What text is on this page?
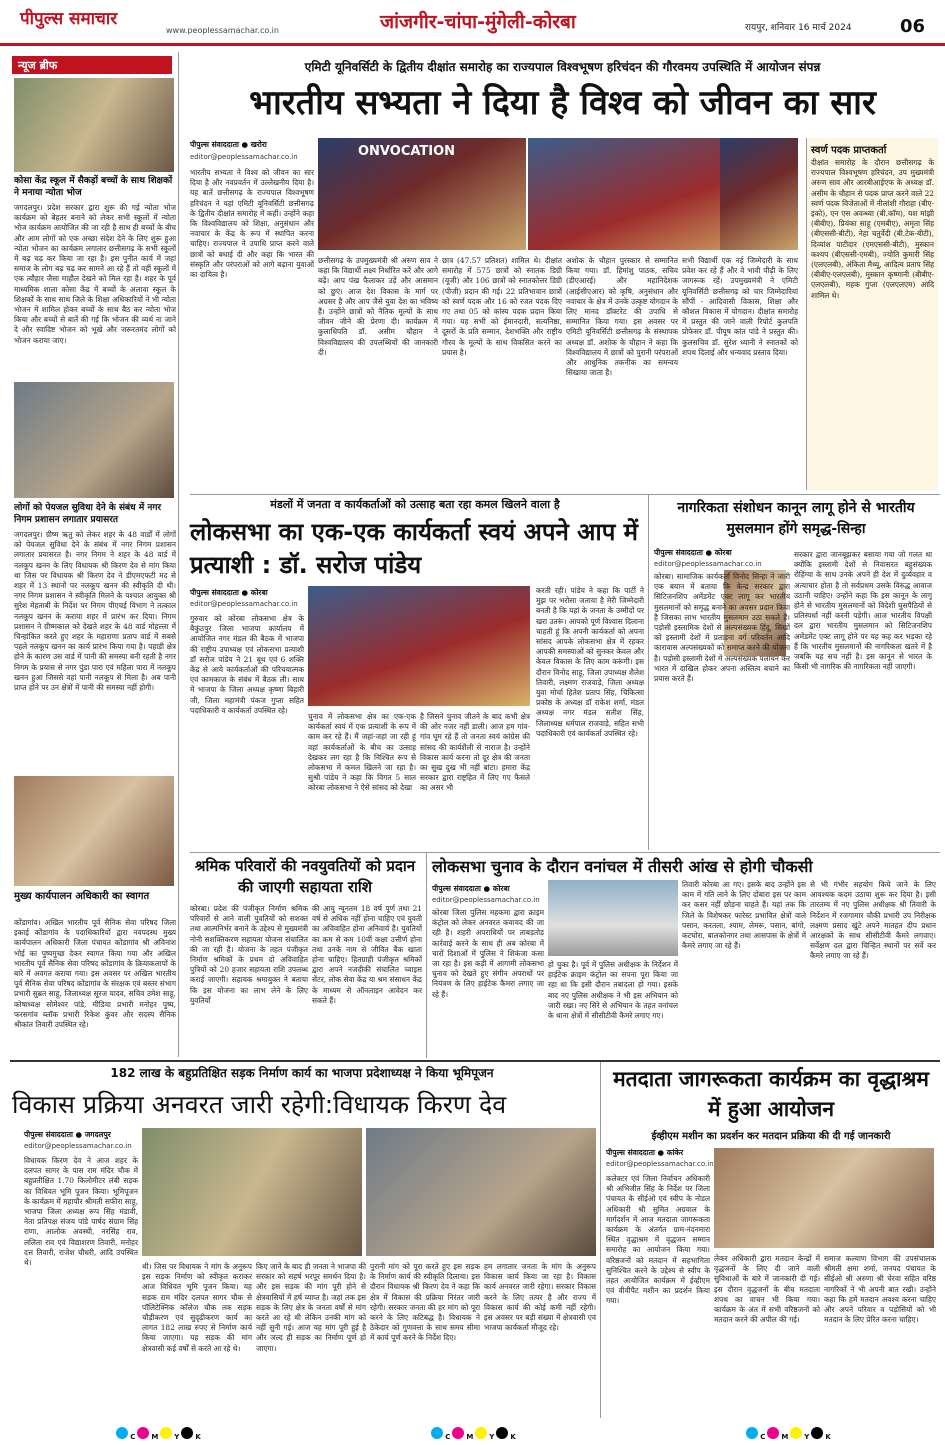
पीपुल्स समाचार
www.peoplessamachar.co.in	जांजगीर-चांपा-मुंगेली-कोरबा	रायपुर, शनिवार 16 मार्च 2024	06
न्यूज ब्रीफ
कोसा केंद्र स्कूल में सैकड़ों बच्चों के साथ शिक्षकों ने मनाया न्योता भोज
जगदलपुर। प्रदेश सरकार द्वारा शुरू की गई न्योता भोज कार्यक्रम को बेहतर बनाने को लेकर सभी स्कूलों में न्योता भोज कार्यक्रम आयोजित की जा रही है साथ ही बच्चों के बीच और आम लोगों को एक अच्छा संदेश देने के लिए शुरू हुआ न्योता भोजन का कार्यक्रम लगातार छत्तीसगढ़ के सभी स्कूलों में बढ़ चढ़ कर किया जा रहा है। इस पुनीत कार्य में जहां समाज के लोग बढ़ चढ़ कर सामने आ रहे हैं तो वहीं स्कूलों में एक त्यौहार जैसा माहौल देखने को मिल रहा है। शहर के पूर्व माध्यमिक शाला कोसा केंद्र में बच्चों के अलावा स्कूल के शिक्षकों के साथ साथ जिले के शिक्षा अधिकारियों ने भी न्योता भोजन में शामिल होकर बच्चों के साथ बैठ कर न्योता भोज किया और बच्चों से बातें की गई कि भोजन की व्यर्थ ना जाने दे और स्वादिष्ट भोजन को भूखे और जरूरतमंद लोगों को भोजन कराया जाए।
लोगों को पेयजल सुविधा देने के संबंध में नगर निगम प्रशासन लगातार प्रयासरत
जगदलपुर। ग्रीष्म ऋतु को लेकर शहर के 48 वार्डों में लोगों को पेयजल सुविधा देने के संबंध में नगर निगम प्रशासन लगातार प्रयासरत है। नगर निगम ने शहर के 48 वार्ड में नलकूप खनन के लिए विधायक श्री किरण देव से मांग किया था जिस पर विधायक श्री किरण देव ने डीएमएफटी मद से शहर में 13 स्थानों पर नलकूप खनन की स्वीकृति दी थी। नगर निगम प्रशासन ने स्वीकृति मिलने के पश्चात आयुक्त श्री सुरेश मेहताबी के निर्देश पर निगम पीएचई विभाग ने तत्काल नलकूप खनन के कराया शहर में प्रारंभ कर दिया। निगम प्रशासन ने ग्रीष्मकाल को देखते शहर के 48 वार्ड मोहल्ला में चिन्हांकित करते हुए शहर के महाराणा प्रताप वार्ड में सबसे पहले नलकूप खनन का कार्य प्रारंभ किया गया है। पहाड़ी क्षेत्र होने के कारण उस वार्ड में पानी की समस्या बनी रहती है नगर निगम के प्रयास से नगर पुंडा पारा एवं महिला पारा में नलकूप खनन हुआ जिससे वहां पानी नलकूप से मिला है। अब पानी प्राप्त होने पर उन क्षेत्रों में पानी की समस्या नहीं होगी।
मुख्य कार्यपालन अधिकारी का स्वागत
कोंडागांव। अखिल भारतीय पूर्व सैनिक सेवा परिषद जिला इकाई कोंडागांव के पदाधिकारियों द्वारा नवपदस्थ मुख्य कार्यपालन अधिकारी जिला पंचायत कोंडागांव श्री अविनाश भोई का पुष्पगुच्छ देकर स्वागत किया गया और अखिल भारतीय पूर्व सैनिक सेवा परिषद कोंडागांव के क्रियाकलापों के बारे में अवगत कराया गया। इस अवसर पर अखिल भारतीय पूर्व सैनिक सेवा परिषद कोंडागांव के संरक्षक एवं बस्तर संभाग प्रभारी सुब्रत साहू, जिलाध्यक्ष सूरज यादव, सचिव उमेश साहू, कोषाध्यक्ष सोमेश्वर पांडे, मीडिया प्रभारी मनोहर पुष्प, फरसगांव ब्लॉक प्रभारी रिकेश कुंवर और सदस्य सैनिक श्रीकांत तिवारी उपस्थित रहे।
एमिटी यूनिवर्सिटी के द्वितीय दीक्षांत समारोह का राज्यपाल विश्वभूषण हरिचंदन की गौरवमय उपस्थिति में आयोजन संपन्न
भारतीय सभ्यता ने दिया है विश्व को जीवन का सार
पीपुल्स संवाददाता ● खरोरा
editor@peoplessamachar.co.in	ONVOCATION
भारतीय सभ्यता ने विश्व को जीवन का सार दिया है और नवप्रवर्तन में उल्लेखनीय दिया है। यह बातें छत्तीसगढ़ के राज्यपाल विश्वभूषण हरिचंदन ने यहां एमिटी यूनिवर्सिटी छत्तीसगढ़ के द्वितीय दीक्षांत समारोह में कहीं। उन्होंने कहा कि विश्वविद्यालय को शिक्षा, अनुसंधान और नवाचार के केंद्र के रूप में स्थापित करना चाहिए। राज्यपाल ने उपाधि प्राप्त करने वाले छात्रों को बधाई दी और कहा कि भारत की संस्कृति और परंपराओं को आगे बढ़ाना युवाओं का दायित्व है।
छत्तीसगढ़ के उपमुख्यमंत्री श्री अरुण साव ने कहा कि विद्यार्थी लक्ष्य निर्धारित करें और आगे बढ़ें। आप पंख फैलाकर उड़ें और आसमान को छुएं। आज देश विकास के मार्ग पर अग्रसर है और आप जैसे युवा देश का भविष्य हैं। उन्होंने छात्रों को नैतिक मूल्यों के साथ जीवन जीने की प्रेरणा दी। कार्यक्रम में कुलाधिपति डॉ. असीम चौहान ने विश्वविद्यालय की उपलब्धियों की जानकारी दी।
छात्र (47.57 प्रतिशत) शामिल थे। दीक्षांत समारोह में 575 छात्रों को स्नातक डिग्री (यूजी) और 106 छात्रों को स्नातकोत्तर डिग्री (पीजी) प्रदान की गई। 22 प्रतिभावान छात्रों को स्वर्ण पदक और 16 को रजत पदक दिए गए तथा 05 को कांस्य पदक प्रदान किया गया। यह सभी को ईमानदारी, सत्यनिष्ठा, दूसरों के प्रति सम्मान, देशभक्ति और राष्ट्रीय गौरव के मूल्यों के साथ विकसित करने का प्रयास है।
अशोक के चौहान पुरस्कार से सम्मानित किया गया। डॉ. हिमांशु पाठक, सचिव (डीएआरई) और महानिदेशक (आईसीएआर) को कृषि, अनुसंधान और नवाचार के क्षेत्र में उनके उत्कृष्ट योगदान के लिए मानद डॉक्टरेट की उपाधि से सम्मानित किया गया। इस अवसर पर एमिटी यूनिवर्सिटी छत्तीसगढ़ के संस्थापक अध्यक्ष डॉ. अशोक के चौहान ने कहा कि विश्वविद्यालय में छात्रों को पुरानी परंपराओं और आधुनिक तकनीक का समन्वय सिखाया जाता है।
सभी विद्यार्थी एक नई जिम्मेदारी के साथ प्रवेश कर रहे हैं और वे भावी पीढ़ी के लिए जागरूक रहें। उपमुख्यमंत्री ने एमिटी यूनिवर्सिटी छत्तीसगढ़ को चार जिम्मेदारियां सौंपीं - आदिवासी विकास, शिक्षा और कौशल विकास में योगदान। दीक्षांत समारोह में प्रस्तुत की जाने वाली रिपोर्ट कुलपति प्रोफेसर डॉ. पीयूष कांत पांडे ने प्रस्तुत की। कुलसचिव डॉ. सुरेश ध्यानी ने स्नातकों को शपथ दिलाई और धन्यवाद प्रस्ताव दिया।
स्वर्ण पदक प्राप्तकर्ता
दीक्षांत समारोह के दौरान छत्तीसगढ़ के राज्यपाल विश्वभूषण हरिचंदन, उप मुख्यमंत्री अरुण साव और आरबीआईएफ के अध्यक्ष डॉ. असीम के चौहान से पदक प्राप्त करने वाले 22 स्वर्ण पदक विजेताओं में नीलांशी गौराहा (बीए-इको), एन एस अवन्ध्या (बी.कॉम), यश मांझी (बीबीए), प्रियंका साहू (एमबीए), अमृता सिंह (बीएससी-बीटी), नेहा चतुर्वेदी (बी.टेक-बीटी), दिव्यांश पाटीदार (एमएससी-बीटी), मुस्कान कश्यप (बीएससी-एमबी), ज्योति कुमारी सिंह (एलएलबी), अंकिता मैथ्यू, आदित्य प्रताप सिंह (बीबीए-एलएलबी), मुस्कान कृष्णानी (बीबीए-एलएलबी), महक गुप्ता (एलएलएम) आदि शामिल थे।
मंडलों में जनता व कार्यकर्ताओं को उत्साह बता रहा कमल खिलने वाला है
लोकसभा का एक-एक कार्यकर्ता स्वयं अपने आप में प्रत्याशी : डॉ. सरोज पांडेय
पीपुल्स संवाददाता ● कोरबा
editor@peoplessamachar.co.in
गुरुवार को कोरबा लोकसभा क्षेत्र के बैकुंठपुर जिला भाजपा कार्यालय में आयोजित नगर मंडल की बैठक में भाजपा की राष्ट्रीय उपाध्यक्ष एवं लोकसभा प्रत्याशी डॉ सरोज पांडेय ने 21 बूथ एवं 6 शक्ति केंद्र से आये कार्यकर्ताओं की परिचयात्मक एवं कामकाज के संबंध में बैठक ली। साथ में भाजपा के जिला अध्यक्ष कृष्णा बिहारी जी, जिला महामंत्री पंकज गुप्ता सहित पदाधिकारी व कार्यकर्ता उपस्थित रहे।
चुनाव में लोकसभा क्षेत्र का एक-एक कार्यकर्ता स्वयं में एक प्रत्याशी के रूप में काम कर रहे हैं। मैं जहां-जहां जा रही हूं वहां कार्यकर्ताओं के बीच का उत्साह देखकर लग रहा है कि निश्चित रूप से लोकसभा में कमल खिलने जा रहा है। सुश्री पांडेय ने कहा कि विगत 5 साल कोरबा लोकसभा ने ऐसे सांसद को देखा
है जिसने चुनाव जीतने के बाद कभी क्षेत्र की ओर नजर नहीं डाली। आज हम गांव-गांव घूम रहे हैं तो जनता स्वयं कांग्रेस की सांसद की कार्यशैली से नाराज है। उन्होंने विकास कार्य करना तो दूर क्षेत्र की जनता का सुख दुख भी नहीं बांटा। हमारा केंद्र सरकार द्वारा राष्ट्रहित में लिए गए फैसले का असर भी
करती रही। पांडेय ने कहा कि पार्टी ने मुझ पर भरोसा जताया है मेरी जिम्मेदारी बनती है कि यहां के जनता के उम्मीदों पर खरा उतरूं। आपको पूर्ण विश्वास दिलाना चाहती हूं कि अपनी कार्यकर्ता को अपना सांसद आपके लोकसभा क्षेत्र में रहकर आपकी समस्याओं को सुनकर केवल और केवल विकास के लिए काम करूंगी। इस दौरान विनोद साहू, जिला उपाध्यक्ष शैलेश तिवारी, लक्ष्मण राजवाड़े, जिला अध्यक्ष युवा मोर्चा हितेश प्रताप सिंह, चिकित्सा प्रकोष्ठ के अध्यक्ष डॉ राकेश शर्मा, मंडल अध्यक्ष नगर मंडल सतीश सिंह, जिलाध्यक्ष धर्मपाल राजवाड़े, सहित सभी पदाधिकारी एवं कार्यकर्ता उपस्थित रहे।
नागरिकता संशोधन कानून लागू होने से भारतीय मुसलमान होंगे समृद्ध-सिन्हा
पीपुल्स संवाददाता ● कोरबा
editor@peoplessamachar.co.in
कोरबा। सामाजिक कार्यकर्ता विनोद सिन्हा ने जारी एक बयान में बताया कि केन्द्र सरकार द्वारा सिटिजनशिप अमेंडमेंट एक्ट लागू कर भारतीय मुसलमानों को समृद्ध बनाने का अवसर प्रदान किया है जिसका लाभ भारतीय मुसलमान उठा सकते हैं। पड़ोसी इस्लामिक देशों से अल्पसंख्यक हिंदू, सिखों को इस्लामी देशों में प्रताड़ना वर्ग परिवर्तन आदि कारावास अल्पसंख्यकों को समाप्त करने की योजना है। पड़ोसी इस्लामी देशों में अल्पसंख्यक पलायन कर भारत में दाखिल होकर अपना अस्तित्व बचाने का प्रयास करते हैं।
सरकार द्वारा जानबूझकर बसाया गया जो गलत था क्योंकि इस्लामी देशों से निवासरत बहुसंख्यक रोहिंग्या के साथ उनके अपने ही देश में दुर्व्यवहार व अत्याचार होता है तो सर्वप्रथम उसके विरुद्ध आवाज उठानी चाहिए। उन्होंने कहा कि इस कानून के लागू होने से भारतीय मुसलमानों को विदेशी घुसपैठियों से प्रतिस्पर्धा नहीं करनी पड़ेगी। आज भारतीय विपक्षी दल द्वारा भारतीय मुसलमान को सिटिजनशिप अमेंडमेंट एक्ट लागू होने पर यह कह कर भड़का रहे हैं कि भारतीय मुसलमानों की नागरिकता खतरे में है जबकि यह सच नहीं है। इस कानून से भारत के किसी भी नागरिक की नागरिकता नहीं जाएगी।
श्रमिक परिवारों की नवयुवतियों को प्रदान की जाएगी सहायता राशि
कोरबा। प्रदेश की पंजीकृत निर्माण श्रमिक परिवारों से आने वाली युवतियों को सशक्त तथा आत्मनिर्भर बनाने के उद्देश्य से मुख्यमंत्री नोनी सशक्तिकरण सहायता योजना संचालित की जा रही है। योजना के तहत पंजीकृत निर्माण श्रमिकों के प्रथम दो अविवाहित पुत्रियों को 20 हजार सहायता राशि उपलब्ध कराई जाएगी। सहायक श्रमायुक्त ने बताया कि इस योजना का लाभ लेने के लिए युवतियों
की आयु न्यूनतम 18 वर्ष पूर्ण तथा 21 वर्ष से अधिक नहीं होना चाहिए एवं युवती का अविवाहित होना अनिवार्य है। युवतियों का कम से कम 10वीं कक्षा उत्तीर्ण होना तथा उनके नाम से जीवित बैंक खाता होना चाहिए। हितग्राही पंजीकृत श्रमिकों द्वारा अपने नजदीकी संचालित च्वाइस सेंटर, लोक सेवा केंद्र या श्रम संसाधन केंद्र के माध्यम से ऑनलाइन आवेदन कर सकते हैं।
लोकसभा चुनाव के दौरान वनांचल में तीसरी आंख से होगी चौकसी
पीपुल्स संवाददाता ● कोरबा
editor@peoplessamachar.co.in
कोरबा जिला पुलिस महकमा द्वारा क्राइम कंट्रोल को लेकर अनवरत कवायद की जा रही है। शहरी अपराधियों पर ताबड़तोड़ कार्रवाई करने के साथ ही अब कोरबा में चारों दिशाओं में पुलिस ने शिकंजा कसा जा रहा है। इस कड़ी में आगामी लोकसभा चुनाव को देखते हुए संगीन अपराधों पर नियंत्रण के लिए हाईटेक कैमरा लगाए जा रहे हैं।
हो चुका है। पूर्व में पुलिस अधीक्षक के निर्देशन में हाईटेक क्राइम कंट्रोल का सपना पूरा किया जा रहा था कि इसी दौरान तबादला हो गया। इसके बाद नए पुलिस अधीक्षक ने भी इस अभियान को जारी रखा। नए सिरे से अभियान के तहत वनांचल के थाना क्षेत्रों में सीसीटीवी कैमरे लगाए गए।
तिवारी कोरबा आ गए। इसके बाद उन्होंने इस काम में गति लाने के लिए दोबारा इस पर काम कर कसर नहीं छोड़ना चाहते हैं। यहां तक कि जिले के विशेषकर फारेस्ट प्रभावित क्षेत्रों वाले पसान, करतला, श्याम, लेमरू, पसान, बांगो, कटघोरा, बालकोनगर तथा आसपास के क्षेत्रों में कैमरे लगाए जा रहे हैं।
से भी गंभीर सहयोग किये जाने के लिए आवश्यक कदम उठाया शुरू कर दिया है। इसी तारतम्य में नए पुलिस अधीक्षक श्री तिवारी के निर्देशन में रजगामार चौकी प्रभारी उप निरीक्षक लक्ष्मण प्रसाद खुंटे अपने मातहत दीप प्रधान आरक्षकों के साथ सीसीटीवी कैमरे लगवाए। सर्वेक्षण दल द्वारा चिन्हित स्थानों पर सर्वे कर कैमरे लगाए जा रहे हैं।
182 लाख के बहुप्रतिक्षित सड़क निर्माण कार्य का भाजपा प्रदेशाध्यक्ष ने किया भूमिपूजन
विकास प्रक्रिया अनवरत जारी रहेगी:विधायक किरण देव
पीपुल्स संवाददाता ● जगदलपुर
editor@peoplessamachar.co.in
विधायक किरण देव ने आज शहर के दलपत सागर के पास राम मंदिर चौक में बहुप्रतीक्षित 1.70 किलोमीटर लंबी सड़क का विधिवत भूमि पूजन किया। भूमिपूजन के कार्यक्रम में महापौर श्रीमती सफीरा साहू, भाजपा जिला अध्यक्ष रूप सिंह मंडावी, नेता प्रतिपक्ष संजय पांडे पार्षद संग्राम सिंह राणा, आलोक अवस्थी, नरसिंह राव, ललिता राव एवं विद्याशरण तिवारी, मनोहर दत्त तिवारी, राजेश चौधरी, आदि उपस्थित थे।	थी। जिस पर विधायक ने मांग के अनुरूप इस सड़क निर्माण को स्वीकृत कराकर आज विधिवत भूमि पूजन किया। यह सड़क राम मंदिर दलपत सागर चौक से पॉलिटेक्निक कॉलेज चौक तक सड़क चौड़ीकरण एवं सुदृढ़ीकरण कार्य का लागत 182 लाख रुपए से निर्माण कार्य किया जाएगा। यह सड़क की मांग क्षेत्रवासी कई वर्षों से करते आ रहे थे।
किए जाने के बाद ही जनता ने भाजपा की सरकार को सहर्ष भरपूर समर्थन दिया है। और इस सड़क की मांग पूरी होने से क्षेत्रवासियों में हर्ष व्याप्त है। जहां तक इस सड़क के लिए क्षेत्र के जनता वर्षों से मांग करते आ रहे थी लेकिन उनकी मांग को नहीं सुनी गई। आज यह मांग पूरी हुई है और जल्द ही सड़क का निर्माण पूर्ण हो जाएगा।
पुरानी मांग को पूरा करते हुए इस सड़क के निर्माण कार्य की स्वीकृति दिलाया। इस दौरान विधायक श्री किरण देव ने कहा कि क्षेत्र में विकास की प्रक्रिया निरंतर जारी रहेगी। सरकार जनता की हर मांग को पूरा करने के लिए कटिबद्ध है। विधायक ने ठेकेदार को गुणवत्ता के साथ समय सीमा में कार्य पूर्ण करने के निर्देश दिए।
हम लगातार जनता के मांग के अनुरूप विकास कार्य किया जा रहा है। विकास कार्य अनवरत जारी रहेगा। सरकार विकास करने के लिए तत्पर है और राज्य में विकास कार्य की कोई कमी नहीं रहेगी। इस अवसर पर बड़ी संख्या में क्षेत्रवासी एवं भाजपा कार्यकर्ता मौजूद रहे।
मतदाता जागरूकता कार्यक्रम का वृद्धाश्रम में हुआ आयोजन
ईव्हीएम मशीन का प्रदर्शन कर मतदान प्रक्रिया की दी गई जानकारी
पीपुल्स संवाददाता ● कांकेर
editor@peoplessamachar.co.in
कलेक्टर एवं जिला निर्वाचन अधिकारी श्री अभिजीत सिंह के निर्देश पर जिला पंचायत के सीईओ एवं स्वीप के नोडल अधिकारी श्री सुमित अग्रवाल के मार्गदर्शन में आज मतदाता जागरूकता कार्यक्रम के अंतर्गत ग्राम-नंदनमारा स्थित वृद्धाश्रम में वृद्धजन सम्मान समारोह का आयोजन किया गया। वरिष्ठजनों को मतदान में सहभागिता सुनिश्चित करने के उद्देश्य से स्वीप के तहत आयोजित कार्यक्रम में ईव्हीएम एवं वीवीपैट मशीन का प्रदर्शन किया गया।
लेकर अधिकारी द्वारा मतदान केन्द्रों में वृद्धजनों के लिए दी जाने वाली सुविधाओं के बारे में जानकारी दी गई। इस दौरान वृद्धजनों के बीच मतदाता शपथ का वाचन भी किया गया। कार्यक्रम के अंत में सभी वरिष्ठजनों को मतदान करने की अपील की गई।
समाज कल्याण विभाग की उपसंचालक श्रीमती क्षमा शर्मा, जनपद पंचायत के सीईओ श्री अरुणा श्री चेरवा सहित वरिष्ठ नागरिकों ने भी अपनी बात रखी। उन्होंने कहा कि हमें मतदान अवश्य करना चाहिए और अपने परिवार व पड़ोसियों को भी मतदान के लिए प्रेरित करना चाहिए।
C M Y K	C M Y K	C M Y K
